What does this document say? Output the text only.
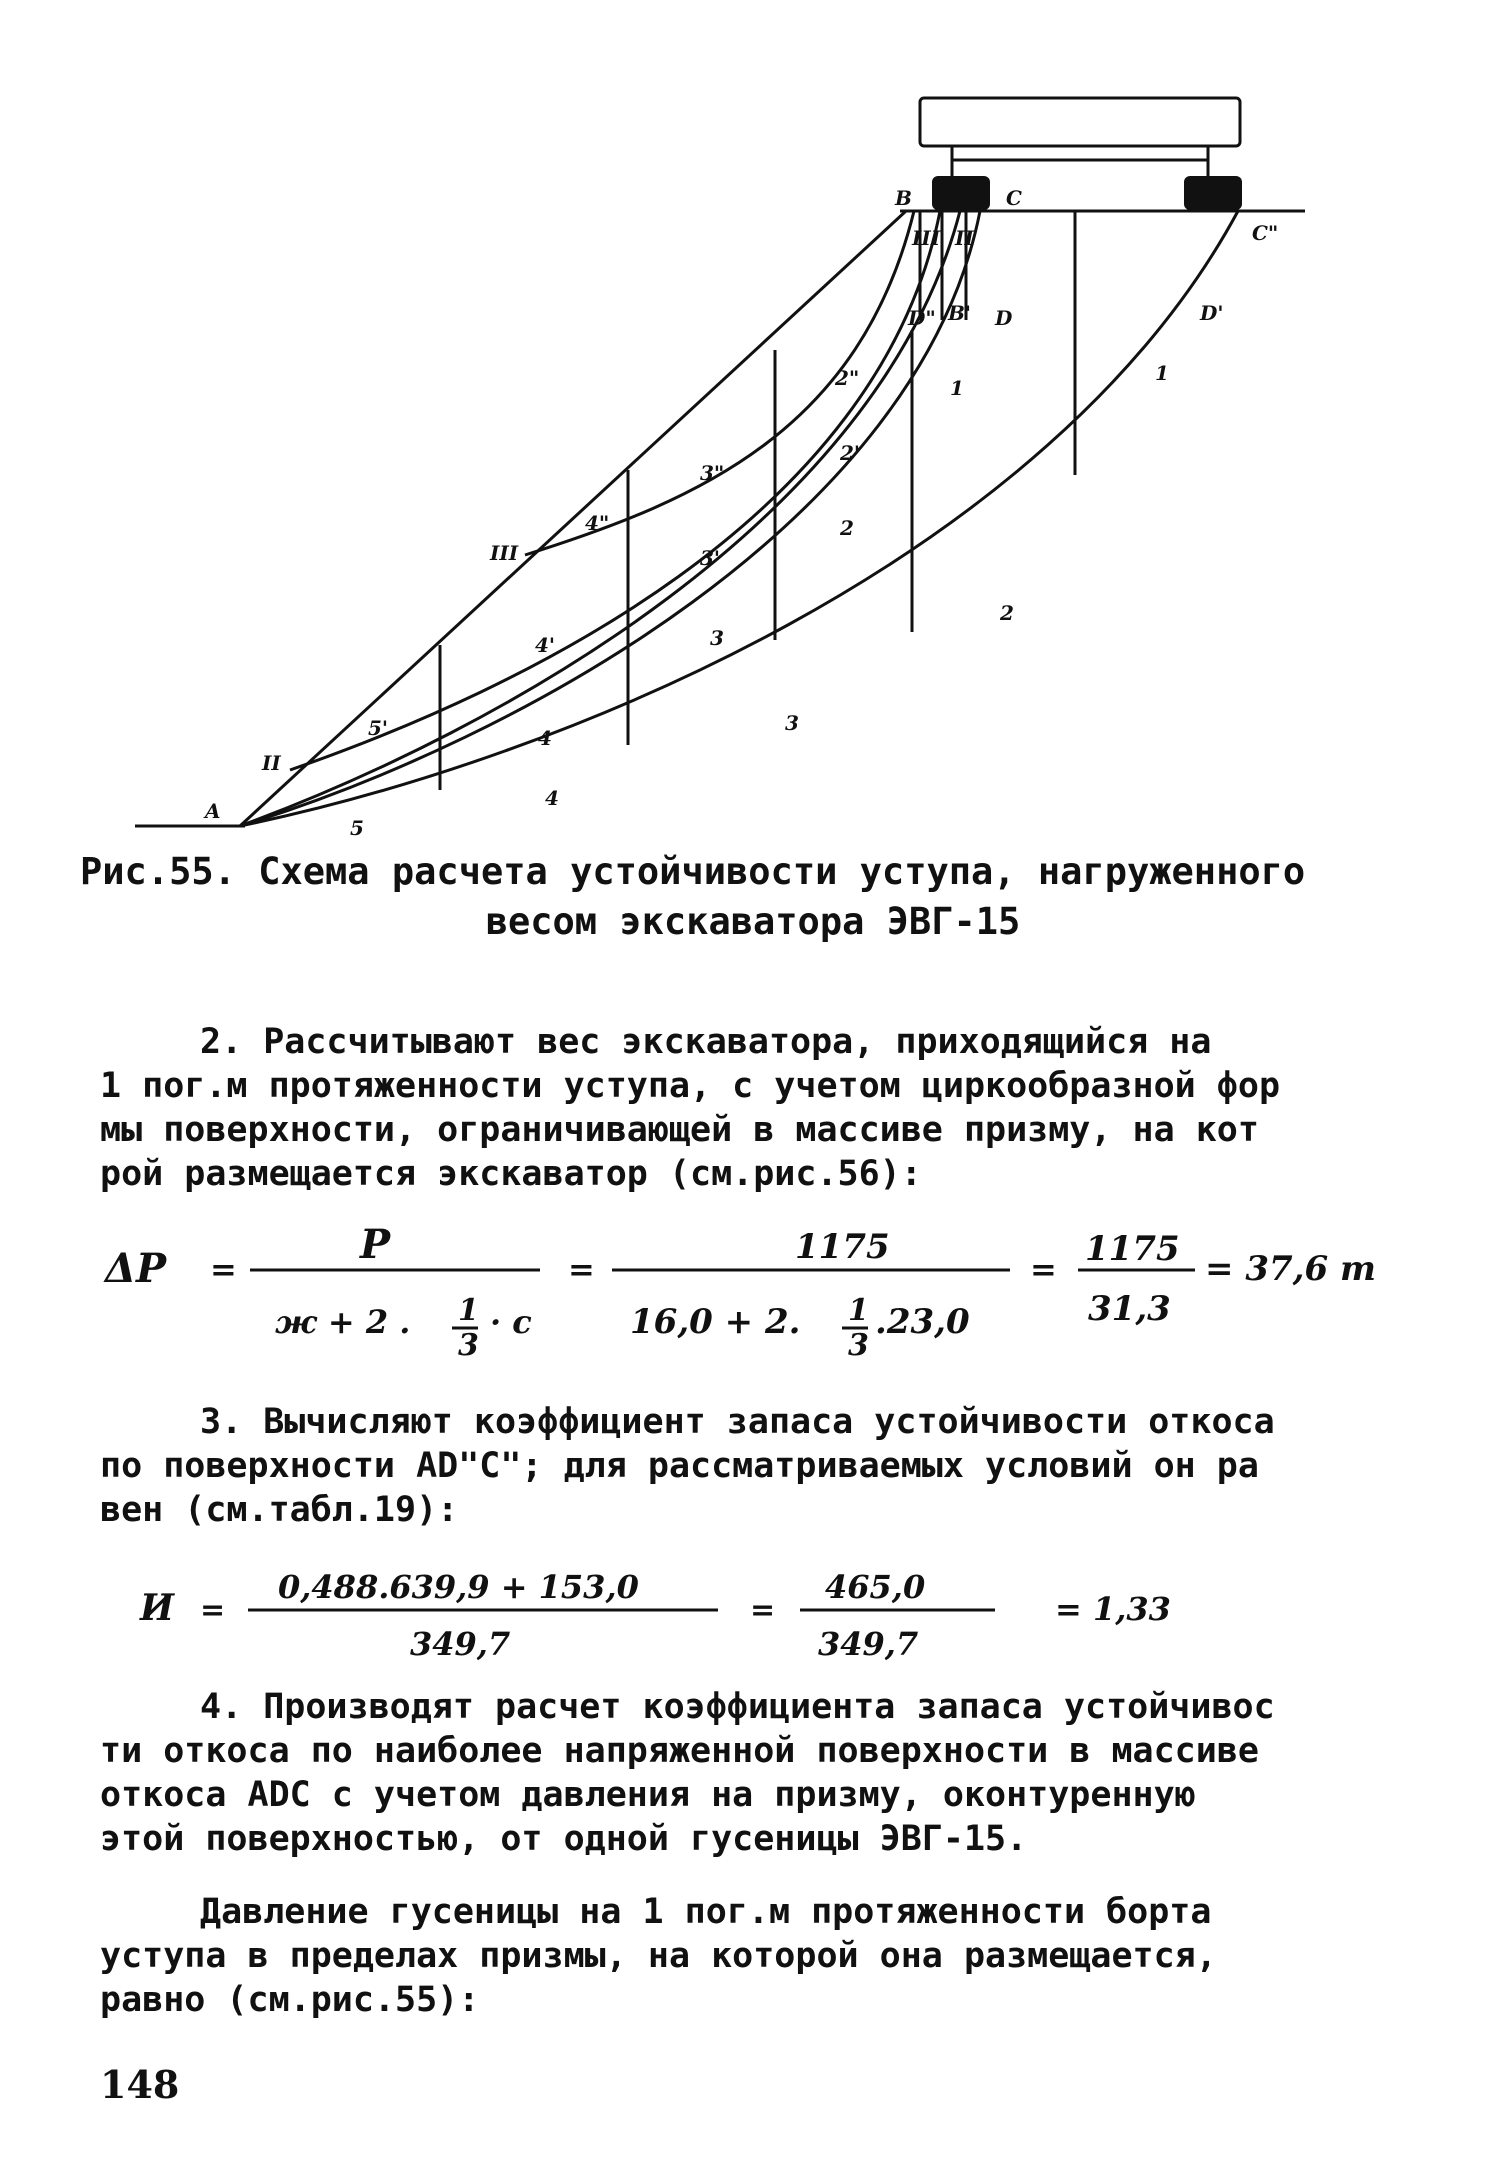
A
B	C
C"
D'
D
D" B'
II
III
III II
1
1
2
2
2'
2"
3
3
3'
3"
4
4
4'
4"
5
5'
Рис.55. Схема расчета устойчивости уступа, нагруженного
весом экскаватора ЭВГ-15
2. Рассчитывают вес экскаватора, приходящийся на
1 пог.м протяженности уступа, с учетом циркообразной фор
мы поверхности, ограничивающей в массиве призму, на кот
рой размещается экскаватор (см.рис.56):
ΔP =
P
ж + 2 . 1
3
· с
=
1175
16,0 + 2. 1
3
.23,0
= 1175
31,3
= 37,6 т
3. Вычисляют коэффициент запаса устойчивости откоса
по поверхности AD"C"; для рассматриваемых условий он ра
вен (см.табл.19):
И =
0,488.639,9 + 153,0
349,7
=
465,0
349,7
= 1,33
4. Производят расчет коэффициента запаса устойчивос
ти откоса по наиболее напряженной поверхности в массиве
откоса ADC с учетом давления на призму, оконтуренную
этой поверхностью, от одной гусеницы ЭВГ-15.
Давление гусеницы на 1 пог.м протяженности борта
уступа в пределах призмы, на которой она размещается,
равно (см.рис.55):
148
